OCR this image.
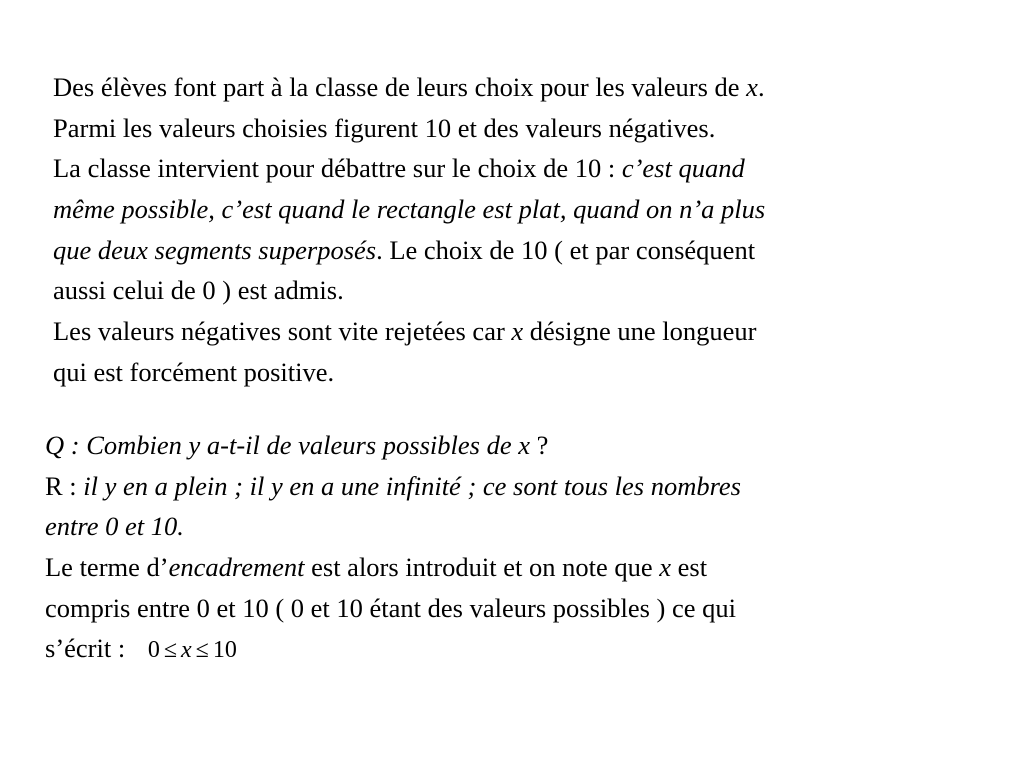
Des élèves font part à la classe de leurs choix pour les valeurs de x.
Parmi les valeurs choisies figurent 10 et des valeurs négatives.
La classe intervient pour débattre sur le choix de 10 : c’est quand
même possible, c’est quand le rectangle est plat, quand on n’a plus
que deux segments superposés. Le choix de 10 ( et par conséquent
aussi celui de 0 ) est admis.
Les valeurs négatives sont vite rejetées car x désigne une longueur
qui est forcément positive.
Q : Combien y a-t-il de valeurs possibles de x ?
R : il y en a plein ; il y en a une infinité ; ce sont tous les nombres
entre 0 et 10.
Le terme d’encadrement est alors introduit et on note que x est
compris entre 0 et 10 ( 0 et 10 étant des valeurs possibles ) ce qui
s’écrit : 0 ≤ x ≤ 10
